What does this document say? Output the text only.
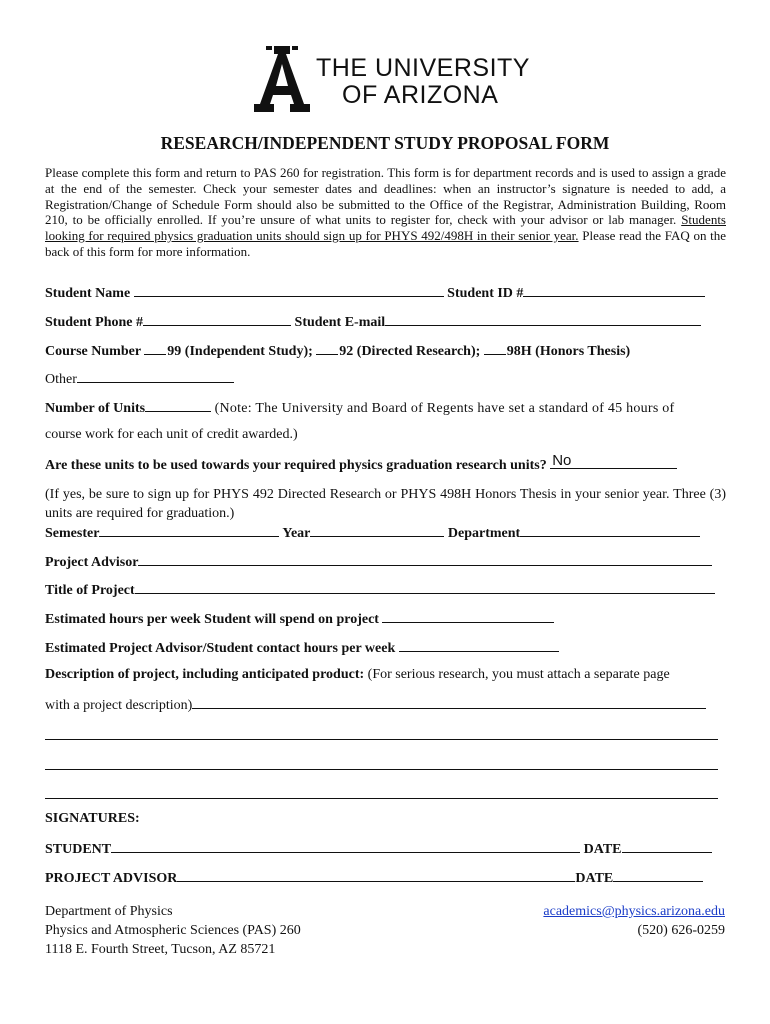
THE UNIVERSITY
OF ARIZONA
RESEARCH/INDEPENDENT STUDY PROPOSAL FORM
Please complete this form and return to PAS 260 for registration. This form is for department records and is used to assign a grade at the end of the semester. Check your semester dates and deadlines: when an instructor’s signature is needed to add, a Registration/Change of Schedule Form should also be submitted to the Office of the Registrar, Administration Building, Room 210, to be officially enrolled. If you’re unsure of what units to register for, check with your advisor or lab manager. Students looking for required physics graduation units should sign up for PHYS 492/498H in their senior year. Please read the FAQ on the back of this form for more information.
Student Name	Student ID #
Student Phone #	Student E-mail
Course Number 99 (Independent Study); 92 (Directed Research); 98H (Honors Thesis)
Other
Number of Units	(Note: The University and Board of Regents have set a standard of 45 hours of
course work for each unit of credit awarded.)
Are these units to be used towards your required physics graduation research units? No
(If yes, be sure to sign up for PHYS 492 Directed Research or PHYS 498H Honors Thesis in your senior year. Three (3) units are required for graduation.)
Semester	Year	Department
Project Advisor
Title of Project
Estimated hours per week Student will spend on project
Estimated Project Advisor/Student contact hours per week
Description of project, including anticipated product: (For serious research, you must attach a separate page
with a project description)
SIGNATURES:
STUDENT	DATE
PROJECT ADVISOR	DATE
Department of Physics
Physics and Atmospheric Sciences (PAS) 260
1118 E. Fourth Street, Tucson, AZ 85721
academics@physics.arizona.edu
(520) 626-0259
